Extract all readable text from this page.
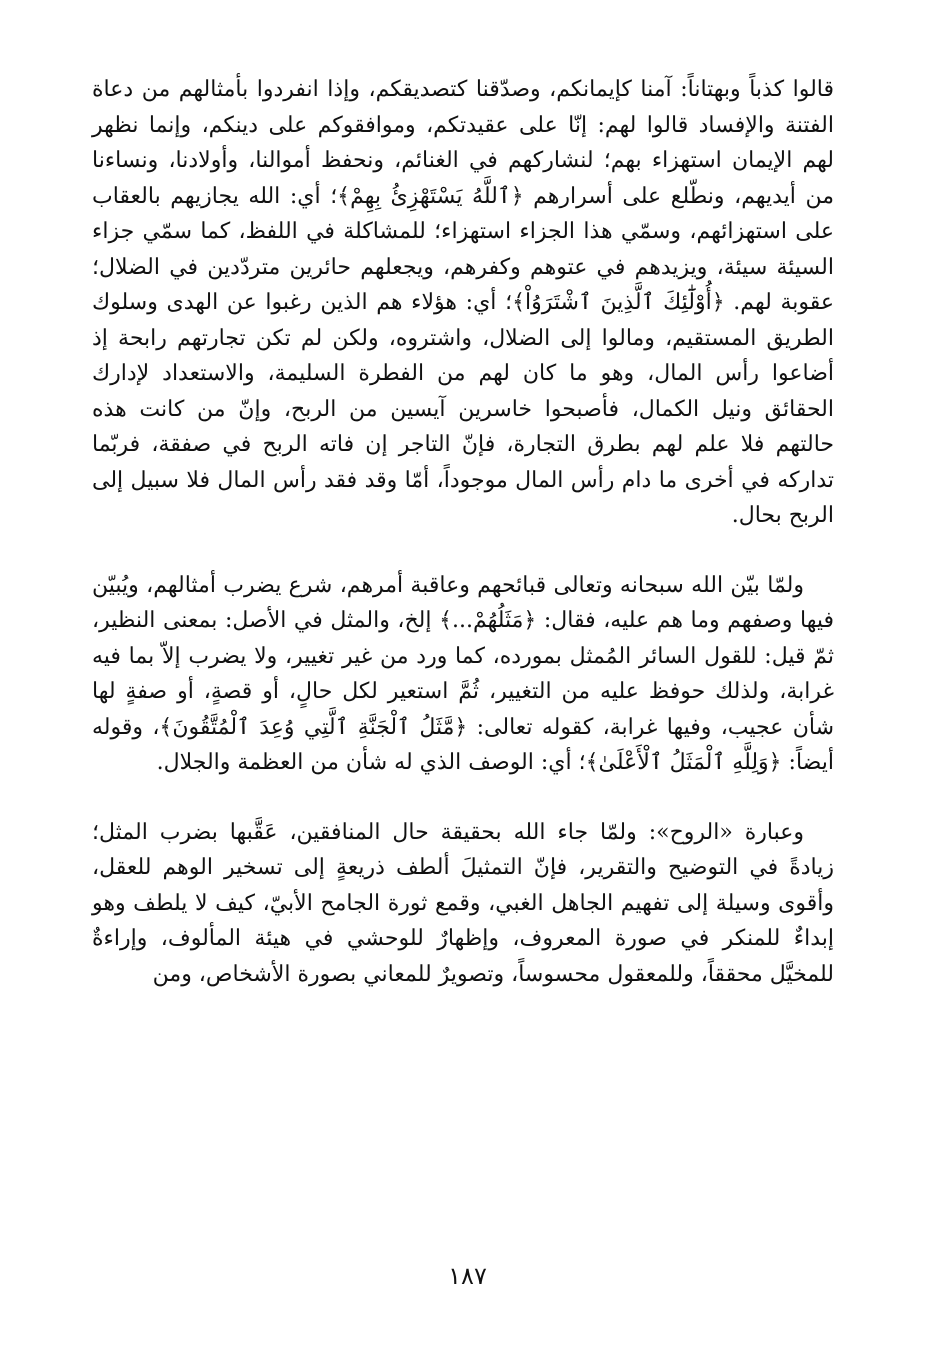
قالوا كذباً وبهتاناً: آمنا كإيمانكم، وصدّقنا كتصديقكم، وإذا انفردوا بأمثالهم من دعاة الفتنة والإفساد قالوا لهم: إنّا على عقيدتكم، وموافقوكم على دينكم، وإنما نظهر لهم الإيمان استهزاء بهم؛ لنشاركهم في الغنائم، ونحفظ أموالنا، وأولادنا، ونساءنا من أيديهم، ونطّلع على أسرارهم ﴿ٱللَّهُ يَسْتَهْزِئُ بِهِمْ﴾؛ أي: الله يجازيهم بالعقاب على استهزائهم، وسمّي هذا الجزاء استهزاء؛ للمشاكلة في اللفظ، كما سمّي جزاء السيئة سيئة، ويزيدهم في عتوهم وكفرهم، ويجعلهم حائرين متردّدين في الضلال؛ عقوبة لهم. ﴿أُوْلَٰٓئِكَ ٱلَّذِينَ ٱشْتَرَوُاْ﴾؛ أي: هؤلاء هم الذين رغبوا عن الهدى وسلوك الطريق المستقيم، ومالوا إلى الضلال، واشتروه، ولكن لم تكن تجارتهم رابحة إذ أضاعوا رأس المال، وهو ما كان لهم من الفطرة السليمة، والاستعداد لإدارك الحقائق ونيل الكمال، فأصبحوا خاسرين آيسين من الربح، وإنّ من كانت هذه حالتهم فلا علم لهم بطرق التجارة، فإنّ التاجر إن فاته الربح في صفقة، فربّما تداركه في أخرى ما دام رأس المال موجوداً، أمّا وقد فقد رأس المال فلا سبيل إلى الربح بحال.

ولمّا بيّن الله سبحانه وتعالى قبائحهم وعاقبة أمرهم، شرع يضرب أمثالهم، ويُبيّن فيها وصفهم وما هم عليه، فقال: ﴿مَثَلُهُمْ...﴾ إلخ، والمثل في الأصل: بمعنى النظير، ثمّ قيل: للقول السائر المُمثل بمورده، كما ورد من غير تغيير، ولا يضرب إلاّ بما فيه غرابة، ولذلك حوفظ عليه من التغيير، ثُمَّ استعير لكل حالٍ، أو قصةٍ، أو صفةٍ لها شأن عجيب، وفيها غرابة، كقوله تعالى: ﴿مَّثَلُ ٱلْجَنَّةِ ٱلَّتِي وُعِدَ ٱلْمُتَّقُونَ﴾، وقوله أيضاً: ﴿وَلِلَّهِ ٱلْمَثَلُ ٱلْأَعْلَىٰ﴾؛ أي: الوصف الذي له شأن من العظمة والجلال.

وعبارة «الروح»: ولمّا جاء الله بحقيقة حال المنافقين، عَقَّبها بضرب المثل؛ زيادةً في التوضيح والتقرير، فإنّ التمثيلَ ألطف ذريعةٍ إلى تسخير الوهم للعقل، وأقوى وسيلة إلى تفهيم الجاهل الغبي، وقمع ثورة الجامح الأبيّ، كيف لا يلطف وهو إبداءٌ للمنكر في صورة المعروف، وإظهارٌ للوحشي في هيئة المألوف، وإراءةٌ للمخيَّل محققاً، وللمعقول محسوساً، وتصويرٌ للمعاني بصورة الأشخاص، ومن

١٨٧
